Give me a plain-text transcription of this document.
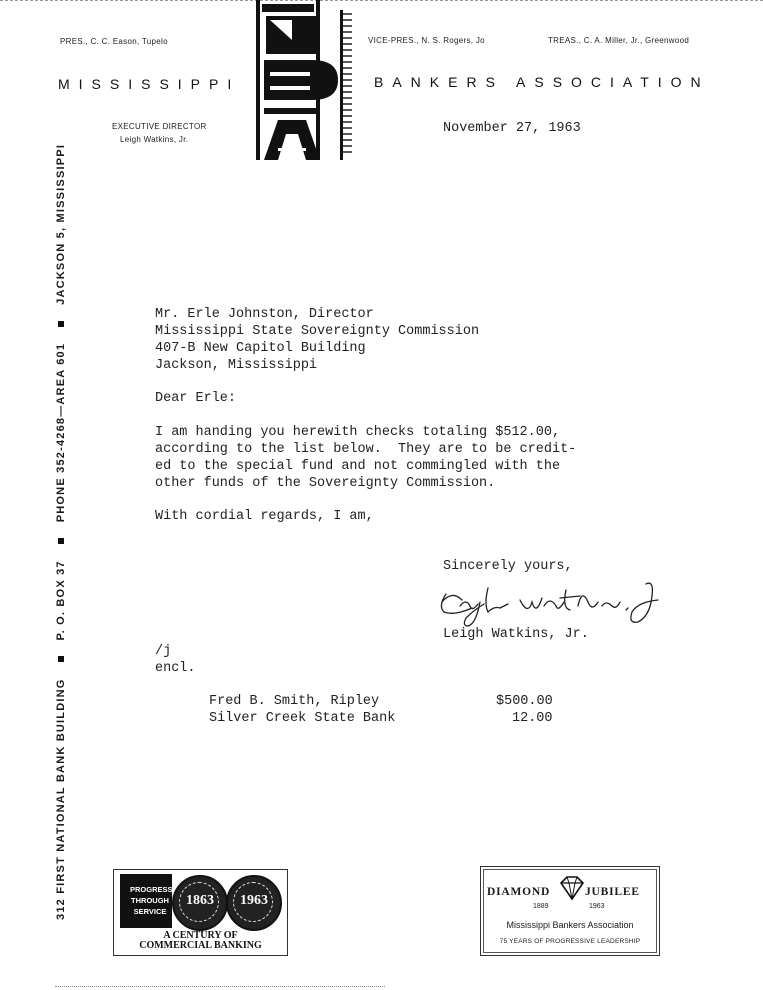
PRES., C. C. Eason, Tupelo	VICE-PRES., N. S. Rogers, Jo	TREAS., C. A. Miller, Jr., Greenwood
MISSISSIPPI	BANKERS ASSOCIATION
EXECUTIVE DIRECTOR
Leigh Watkins, Jr.
November 27, 1963
312 FIRST NATIONAL BANK BUILDINGP. O. BOX 37PHONE 352-4268—AREA 601JACKSON 5, MISSISSIPPI
Mr. Erle Johnston, Director
Mississippi State Sovereignty Commission
407-B New Capitol Building
Jackson, Mississippi
Dear Erle:
I am handing you herewith checks totaling $512.00,
according to the list below.  They are to be credit-
ed to the special fund and not commingled with the
other funds of the Sovereignty Commission.
With cordial regards, I am,
Sincerely yours,
Leigh Watkins, Jr.
/j
encl.
Fred B. Smith, Ripley	$500.00
Silver Creek State Bank	12.00
PROGRESS
THROUGH
SERVICE
1863	1963
A CENTURY OF
COMMERCIAL BANKING
DIAMOND	JUBILEE
1889	1963
Mississippi Bankers Association
75 YEARS OF PROGRESSIVE LEADERSHIP
